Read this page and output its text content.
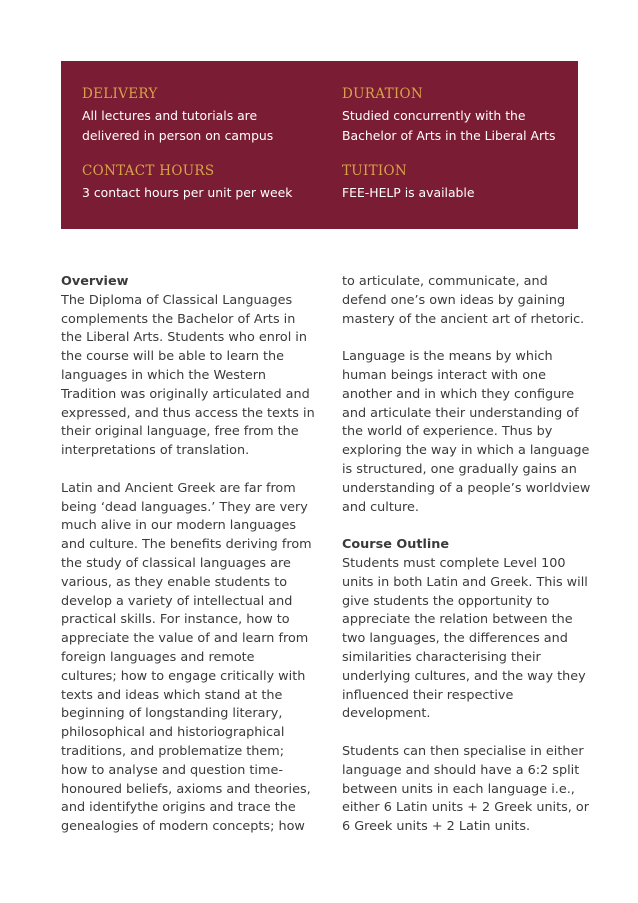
DELIVERY
All lectures and tutorials are
delivered in person on campus
DURATION
Studied concurrently with the
Bachelor of Arts in the Liberal Arts
CONTACT HOURS
3 contact hours per unit per week
TUITION
FEE-HELP is available

Overview

The Diploma of Classical Languages
complements the Bachelor of Arts in
the Liberal Arts. Students who enrol in
the course will be able to learn the
languages in which the Western
Tradition was originally articulated and
expressed, and thus access the texts in
their original language, free from the
interpretations of translation.

Latin and Ancient Greek are far from
being ‘dead languages.’ They are very
much alive in our modern languages
and culture. The benefits deriving from
the study of classical languages are
various, as they enable students to
develop a variety of intellectual and
practical skills. For instance, how to
appreciate the value of and learn from
foreign languages and remote
cultures; how to engage critically with
texts and ideas which stand at the
beginning of longstanding literary,
philosophical and historiographical
traditions, and problematize them;
how to analyse and question time-
honoured beliefs, axioms and theories,
and identifythe origins and trace the
genealogies of modern concepts; how

to articulate, communicate, and
defend one’s own ideas by gaining
mastery of the ancient art of rhetoric.

Language is the means by which
human beings interact with one
another and in which they configure
and articulate their understanding of
the world of experience. Thus by
exploring the way in which a language
is structured, one gradually gains an
understanding of a people’s worldview
and culture.

Course Outline

Students must complete Level 100
units in both Latin and Greek. This will
give students the opportunity to
appreciate the relation between the
two languages, the differences and
similarities characterising their
underlying cultures, and the way they
influenced their respective
development.

Students can then specialise in either
language and should have a 6:2 split
between units in each language i.e.,
either 6 Latin units + 2 Greek units, or
6 Greek units + 2 Latin units.
